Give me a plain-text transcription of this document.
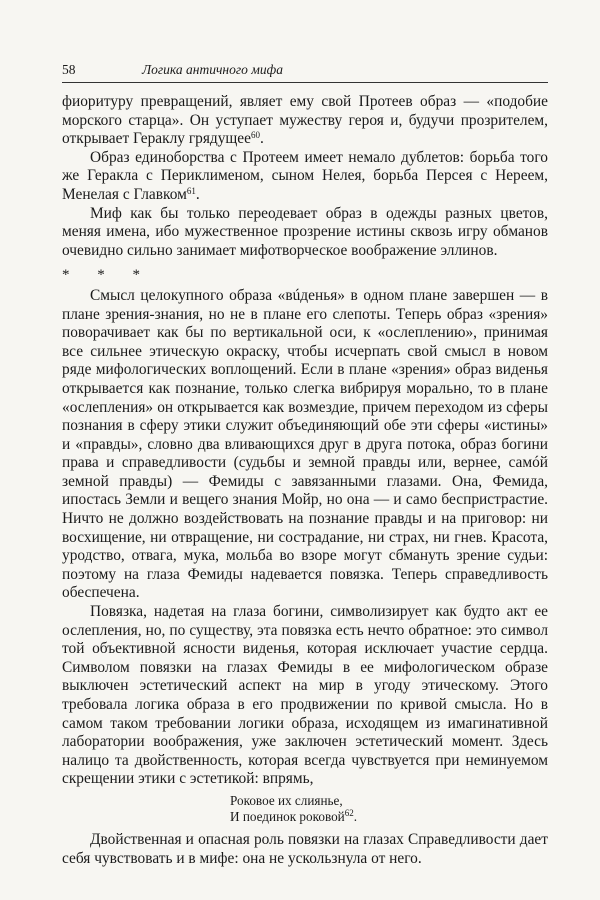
58	Логика античного мифа

фиоритуру превращений, являет ему свой Протеев образ — «подобие морского старца». Он уступает мужеству героя и, будучи прозрителем, открывает Гераклу грядущее$^{60}$.

Образ единоборства с Протеем имеет немало дублетов: борьба того же Геракла с Периклименом, сыном Нелея, борьба Персея с Нереем, Менелая с Главком$^{61}$.

Миф как бы только переодевает образ в одежды разных цветов, меняя имена, ибо мужественное прозрение истины сквозь игру обманов очевидно сильно занимает мифотворческое воображение эллинов.

* * *

Смысл целокупного образа «вúденья» в одном плане завершен — в плане зрения-знания, но не в плане его слепоты. Теперь образ «зрения» поворачивает как бы по вертикальной оси, к «ослеплению», принимая все сильнее этическую окраску, чтобы исчерпать свой смысл в новом ряде мифологических воплощений. Если в плане «зрения» образ виденья открывается как познание, только слегка вибрируя морально, то в плане «ослепления» он открывается как возмездие, причем переходом из сферы познания в сферу этики служит объединяющий обе эти сферы «истины» и «правды», словно два вливающихся друг в друга потока, образ богини права и справедливости (судьбы и земной правды или, вернее, самóй земной правды) — Фемиды с завязанными глазами. Она, Фемида, ипостась Земли и вещего знания Мойр, но она — и само беспристрастие. Ничто не должно воздействовать на познание правды и на приговор: ни восхищение, ни отвращение, ни сострадание, ни страх, ни гнев. Красота, уродство, отвага, мука, мольба во взоре могут сбмануть зрение судьи: поэтому на глаза Фемиды надевается повязка. Теперь справедливость обеспечена.

Повязка, надетая на глаза богини, символизирует как будто акт ее ослепления, но, по существу, эта повязка есть нечто обратное: это символ той объективной ясности виденья, которая исключает участие сердца. Символом повязки на глазах Фемиды в ее мифологическом образе выключен эстетический аспект на мир в угоду этическому. Этого требовала логика образа в его продвижении по кривой смысла. Но в самом таком требовании логики образа, исходящем из имагинативной лаборатории воображения, уже заключен эстетический момент. Здесь налицо та двойственность, которая всегда чувствуется при неминуемом скрещении этики с эстетикой: впрямь,

Роковое их слиянье,
И поединок роковой$^{62}$.

Двойственная и опасная роль повязки на глазах Справедливости дает себя чувствовать и в мифе: она не ускользнула от него.
